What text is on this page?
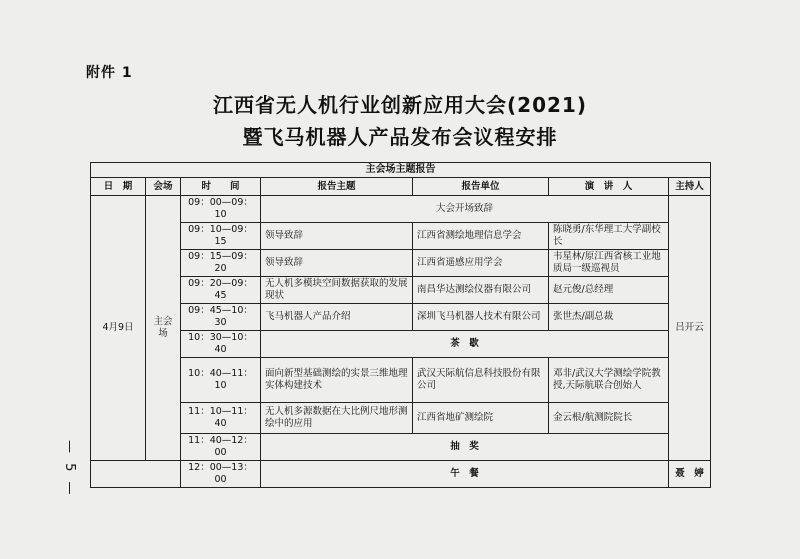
附件 1
江西省无人机行业创新应用大会(2021)
暨飞马机器人产品发布会议程安排
— 5 —
主会场主题报告						
日　期	会场	时　　间	报告主题	报告单位	演　讲　人	主持人
4月9日	主会场	09：00—09：10	大会开场致辞			吕开云
		09：10—09：15	领导致辞	江西省测绘地理信息学会	陈晓勇/东华理工大学副校长	
		09：15—09：20	领导致辞	江西省遥感应用学会	韦星林/原江西省核工业地质局一级巡视员	
		09：20—09：45	无人机多模块空间数据获取的发展现状	南昌华达测绘仪器有限公司	赵元俊/总经理	
		09：45—10：30	飞马机器人产品介绍	深圳飞马机器人技术有限公司	张世杰/副总裁	
		10：30—10：40	茶　歇			
		10：40—11：10	面向新型基础测绘的实景三维地理实体构建技术	武汉天际航信息科技股份有限公司	邓非/武汉大学测绘学院教授,天际航联合创始人	
		11：10—11：40	无人机多源数据在大比例尺地形测绘中的应用	江西省地矿测绘院	金云根/航测院院长	
		11：40—12：00	抽　奖			
		12：00—13：00	午　餐			聂　婷
